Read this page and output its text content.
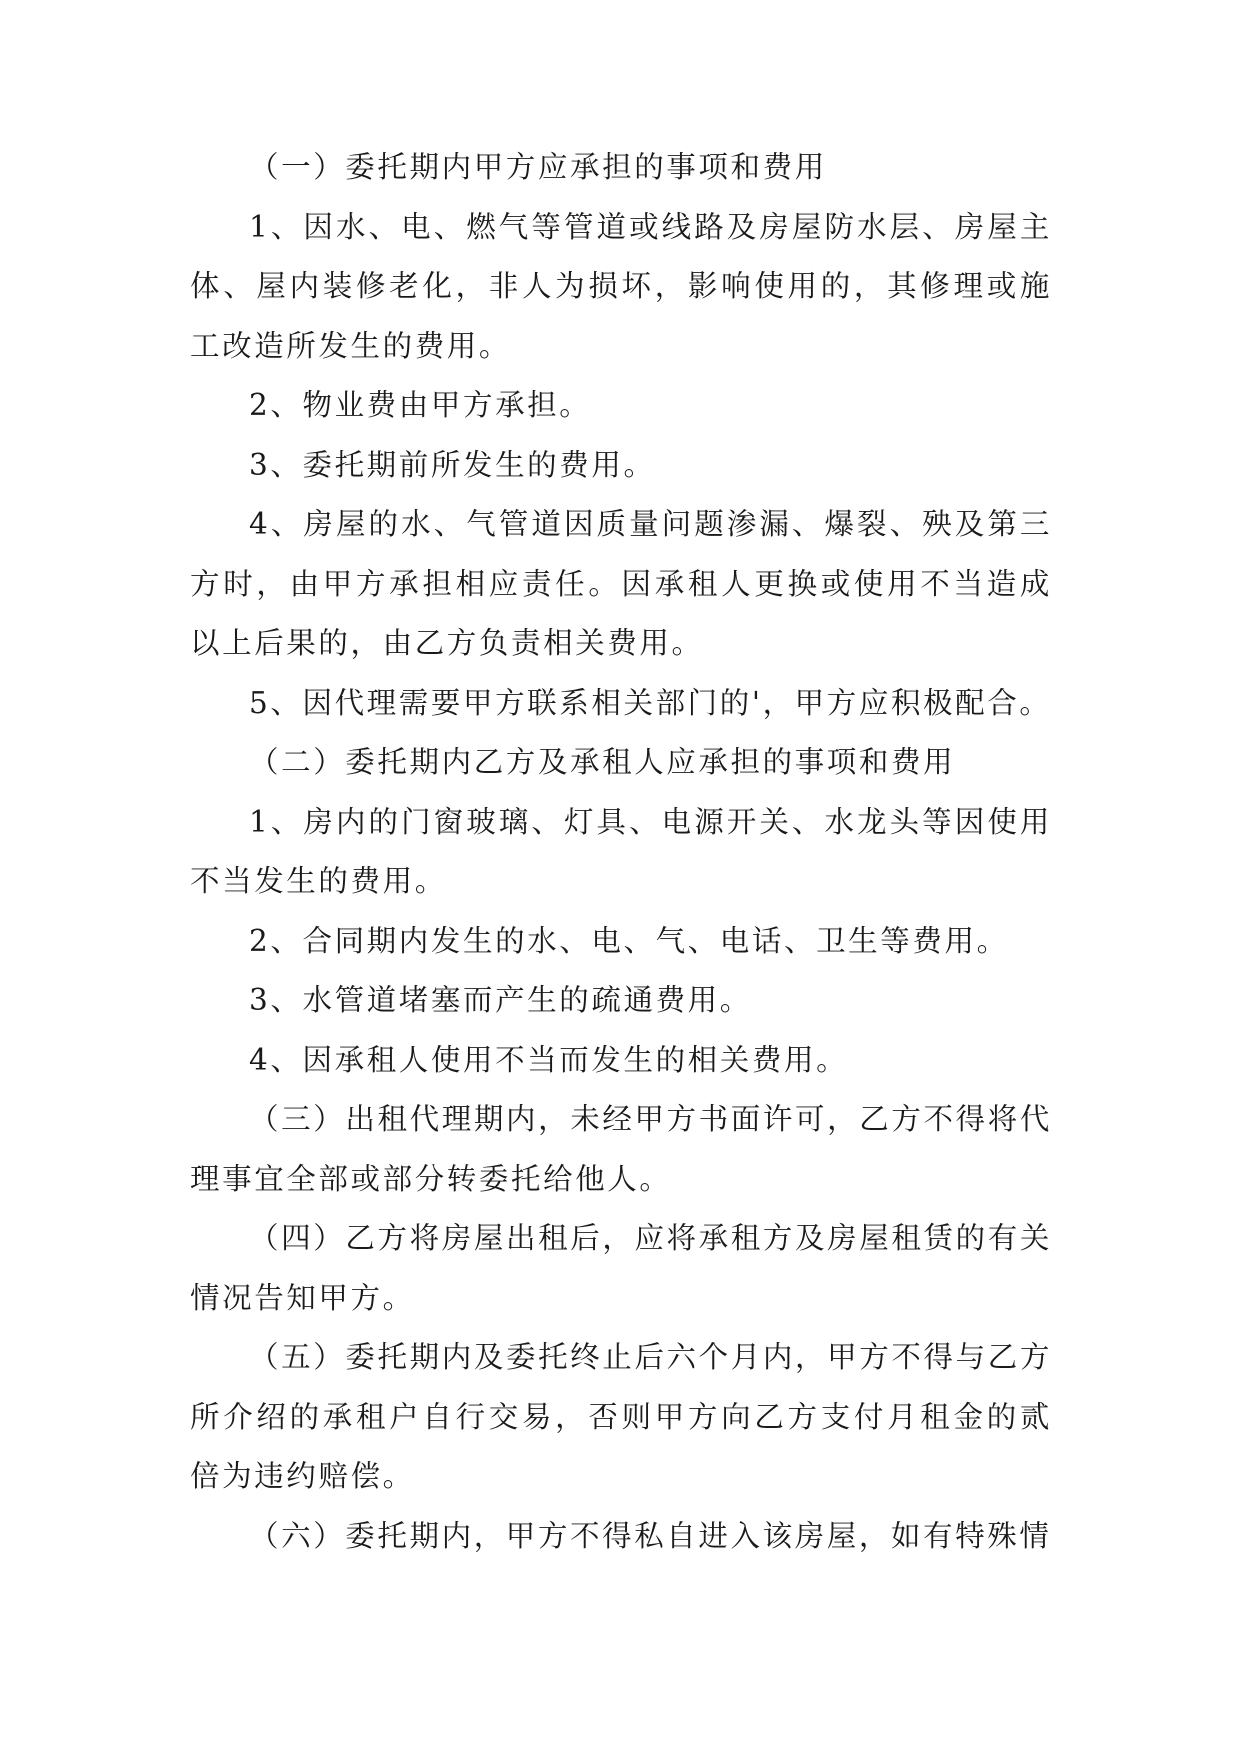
（一）委托期内甲方应承担的事项和费用

1、因水、电、燃气等管道或线路及房屋防水层、房屋主体、屋内装修老化，非人为损坏，影响使用的，其修理或施工改造所发生的费用。

2、物业费由甲方承担。

3、委托期前所发生的费用。

4、房屋的水、气管道因质量问题渗漏、爆裂、殃及第三方时，由甲方承担相应责任。因承租人更换或使用不当造成以上后果的，由乙方负责相关费用。

5、因代理需要甲方联系相关部门的'，甲方应积极配合。

（二）委托期内乙方及承租人应承担的事项和费用

1、房内的门窗玻璃、灯具、电源开关、水龙头等因使用不当发生的费用。

2、合同期内发生的水、电、气、电话、卫生等费用。

3、水管道堵塞而产生的疏通费用。

4、因承租人使用不当而发生的相关费用。

（三）出租代理期内，未经甲方书面许可，乙方不得将代理事宜全部或部分转委托给他人。

（四）乙方将房屋出租后，应将承租方及房屋租赁的有关情况告知甲方。

（五）委托期内及委托终止后六个月内，甲方不得与乙方所介绍的承租户自行交易，否则甲方向乙方支付月租金的贰倍为违约赔偿。

（六）委托期内，甲方不得私自进入该房屋，如有特殊情
